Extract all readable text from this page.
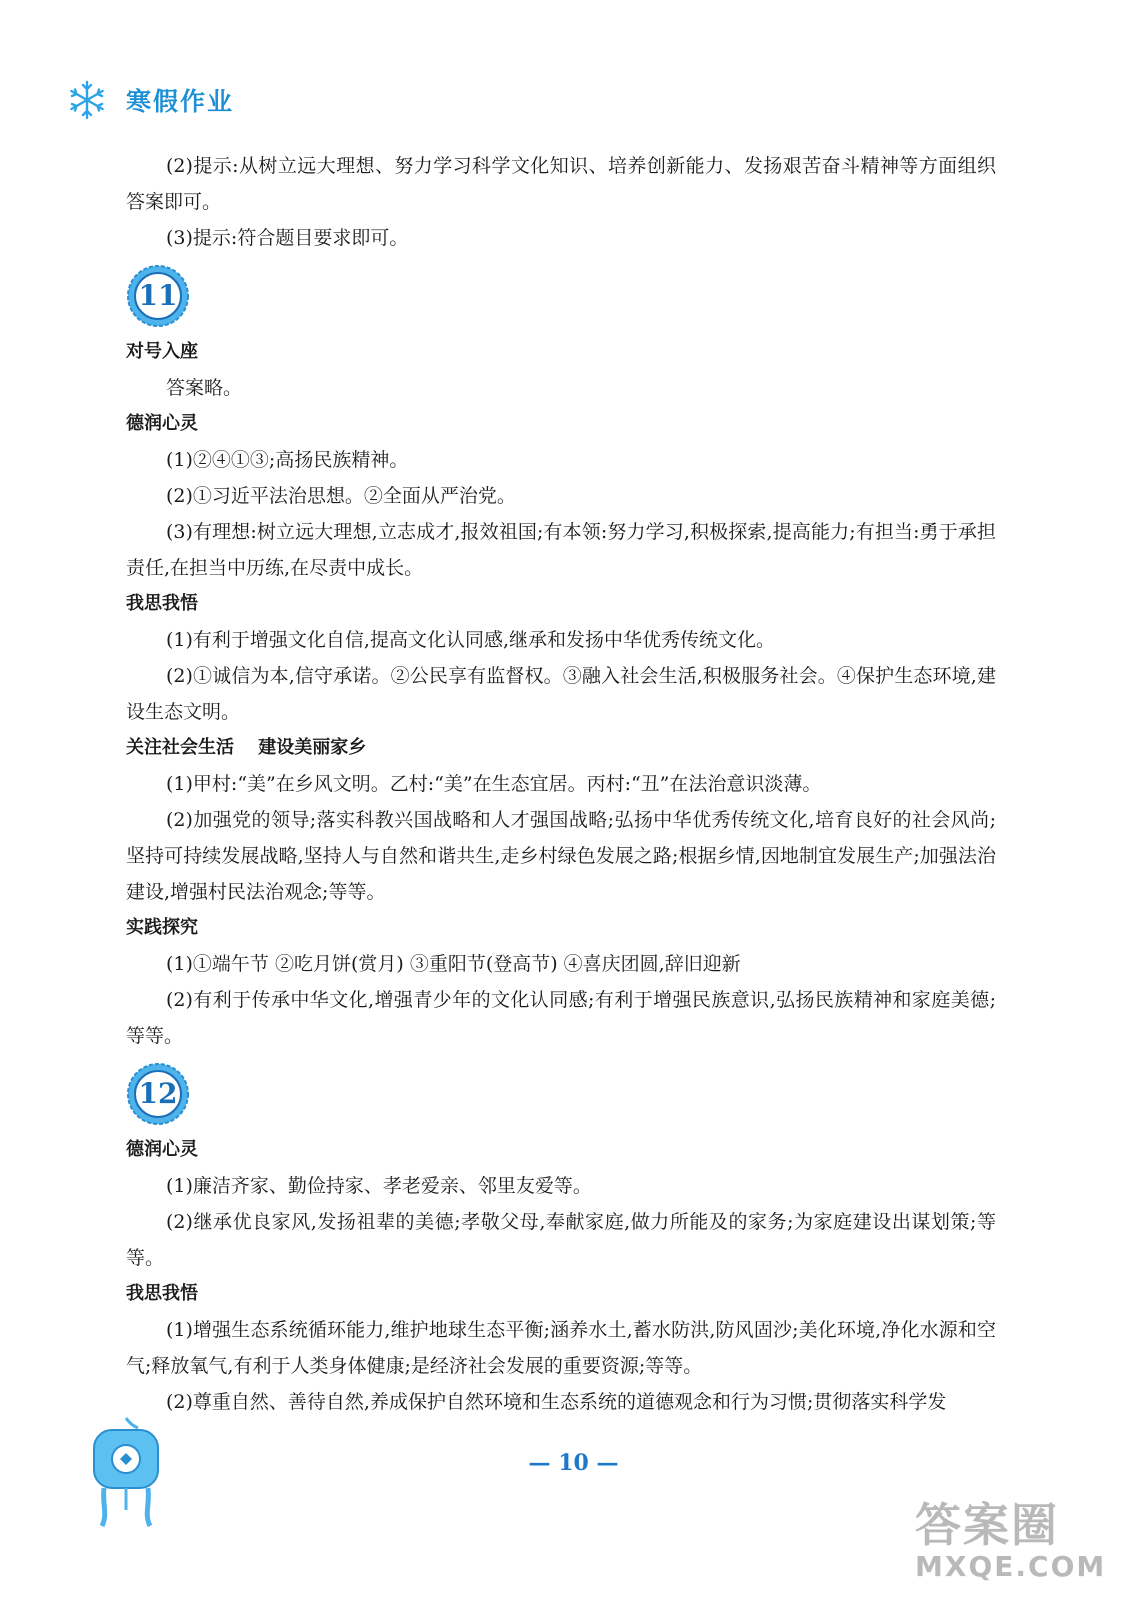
寒假作业

(2)提示:从树立远大理想、努力学习科学文化知识、培养创新能力、发扬艰苦奋斗精神等方面组织答案即可。

(3)提示:符合题目要求即可。

11

对号入座

答案略。

德润心灵

(1)②④①③;高扬民族精神。

(2)①习近平法治思想。②全面从严治党。

(3)有理想:树立远大理想,立志成才,报效祖国;有本领:努力学习,积极探索,提高能力;有担当:勇于承担责任,在担当中历练,在尽责中成长。

我思我悟

(1)有利于增强文化自信,提高文化认同感,继承和发扬中华优秀传统文化。

(2)①诚信为本,信守承诺。②公民享有监督权。③融入社会生活,积极服务社会。④保护生态环境,建设生态文明。

关注社会生活 建设美丽家乡

(1)甲村:“美”在乡风文明。乙村:“美”在生态宜居。丙村:“丑”在法治意识淡薄。

(2)加强党的领导;落实科教兴国战略和人才强国战略;弘扬中华优秀传统文化,培育良好的社会风尚;坚持可持续发展战略,坚持人与自然和谐共生,走乡村绿色发展之路;根据乡情,因地制宜发展生产;加强法治建设,增强村民法治观念;等等。

实践探究

(1)①端午节 ②吃月饼(赏月) ③重阳节(登高节) ④喜庆团圆,辞旧迎新

(2)有利于传承中华文化,增强青少年的文化认同感;有利于增强民族意识,弘扬民族精神和家庭美德;等等。

12

德润心灵

(1)廉洁齐家、勤俭持家、孝老爱亲、邻里友爱等。

(2)继承优良家风,发扬祖辈的美德;孝敬父母,奉献家庭,做力所能及的家务;为家庭建设出谋划策;等等。

我思我悟

(1)增强生态系统循环能力,维护地球生态平衡;涵养水土,蓄水防洪,防风固沙;美化环境,净化水源和空气;释放氧气,有利于人类身体健康;是经济社会发展的重要资源;等等。

(2)尊重自然、善待自然,养成保护自然环境和生态系统的道德观念和行为习惯;贯彻落实科学发

— 10 —
答案圈
MXQE.COM
